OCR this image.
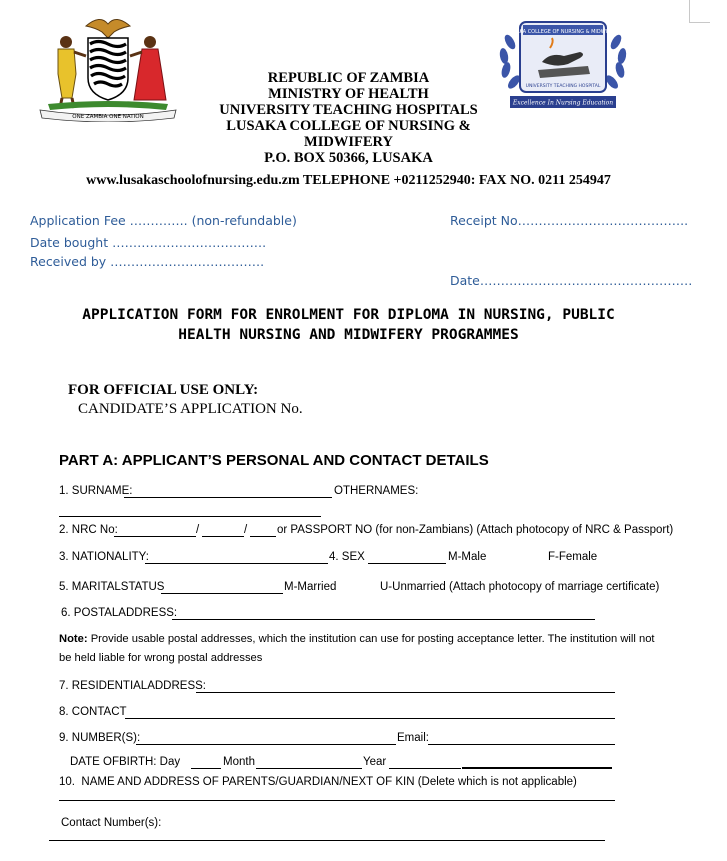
ONE ZAMBIA ONE NATION
LUSAKA COLLEGE OF NURSING & MIDWIFERY
UNIVERSITY TEACHING HOSPITAL
Excellence In Nursing Education
REPUBLIC OF ZAMBIA
MINISTRY OF HEALTH
UNIVERSITY TEACHING HOSPITALS
LUSAKA COLLEGE OF NURSING &
MIDWIFERY
P.O. BOX 50366, LUSAKA
www.lusakaschoolofnursing.edu.zm TELEPHONE +0211252940: FAX NO. 0211 254947
Application Fee ………….. (non-refundable)	Receipt No…………………………………..
Date bought ……………………………….
Received by ……………………………….
Date……………………………………………
APPLICATION FORM FOR ENROLMENT FOR DIPLOMA IN NURSING, PUBLIC
HEALTH NURSING AND MIDWIFERY PROGRAMMES
FOR OFFICIAL USE ONLY:
CANDIDATE’S APPLICATION No.
PART A: APPLICANT’S PERSONAL AND CONTACT DETAILS
1. SURNAME:	OTHERNAMES:
2. NRC No:	/	/	or PASSPORT NO (for non-Zambians) (Attach photocopy of NRC & Passport)
3. NATIONALITY:	4. SEX	M-Male	F-Female
5. MARITALSTATUS	M-Married	U-Unmarried (Attach photocopy of marriage certificate)
6. POSTALADDRESS:
Note: Provide usable postal addresses, which the institution can use for posting acceptance letter. The institution will not
be held liable for wrong postal addresses
7. RESIDENTIALADDRESS:
8. CONTACT
9. NUMBER(S):	Email:
DATE OFBIRTH: Day	Month	Year
10. NAME AND ADDRESS OF PARENTS/GUARDIAN/NEXT OF KIN (Delete which is not applicable)
Contact Number(s):
